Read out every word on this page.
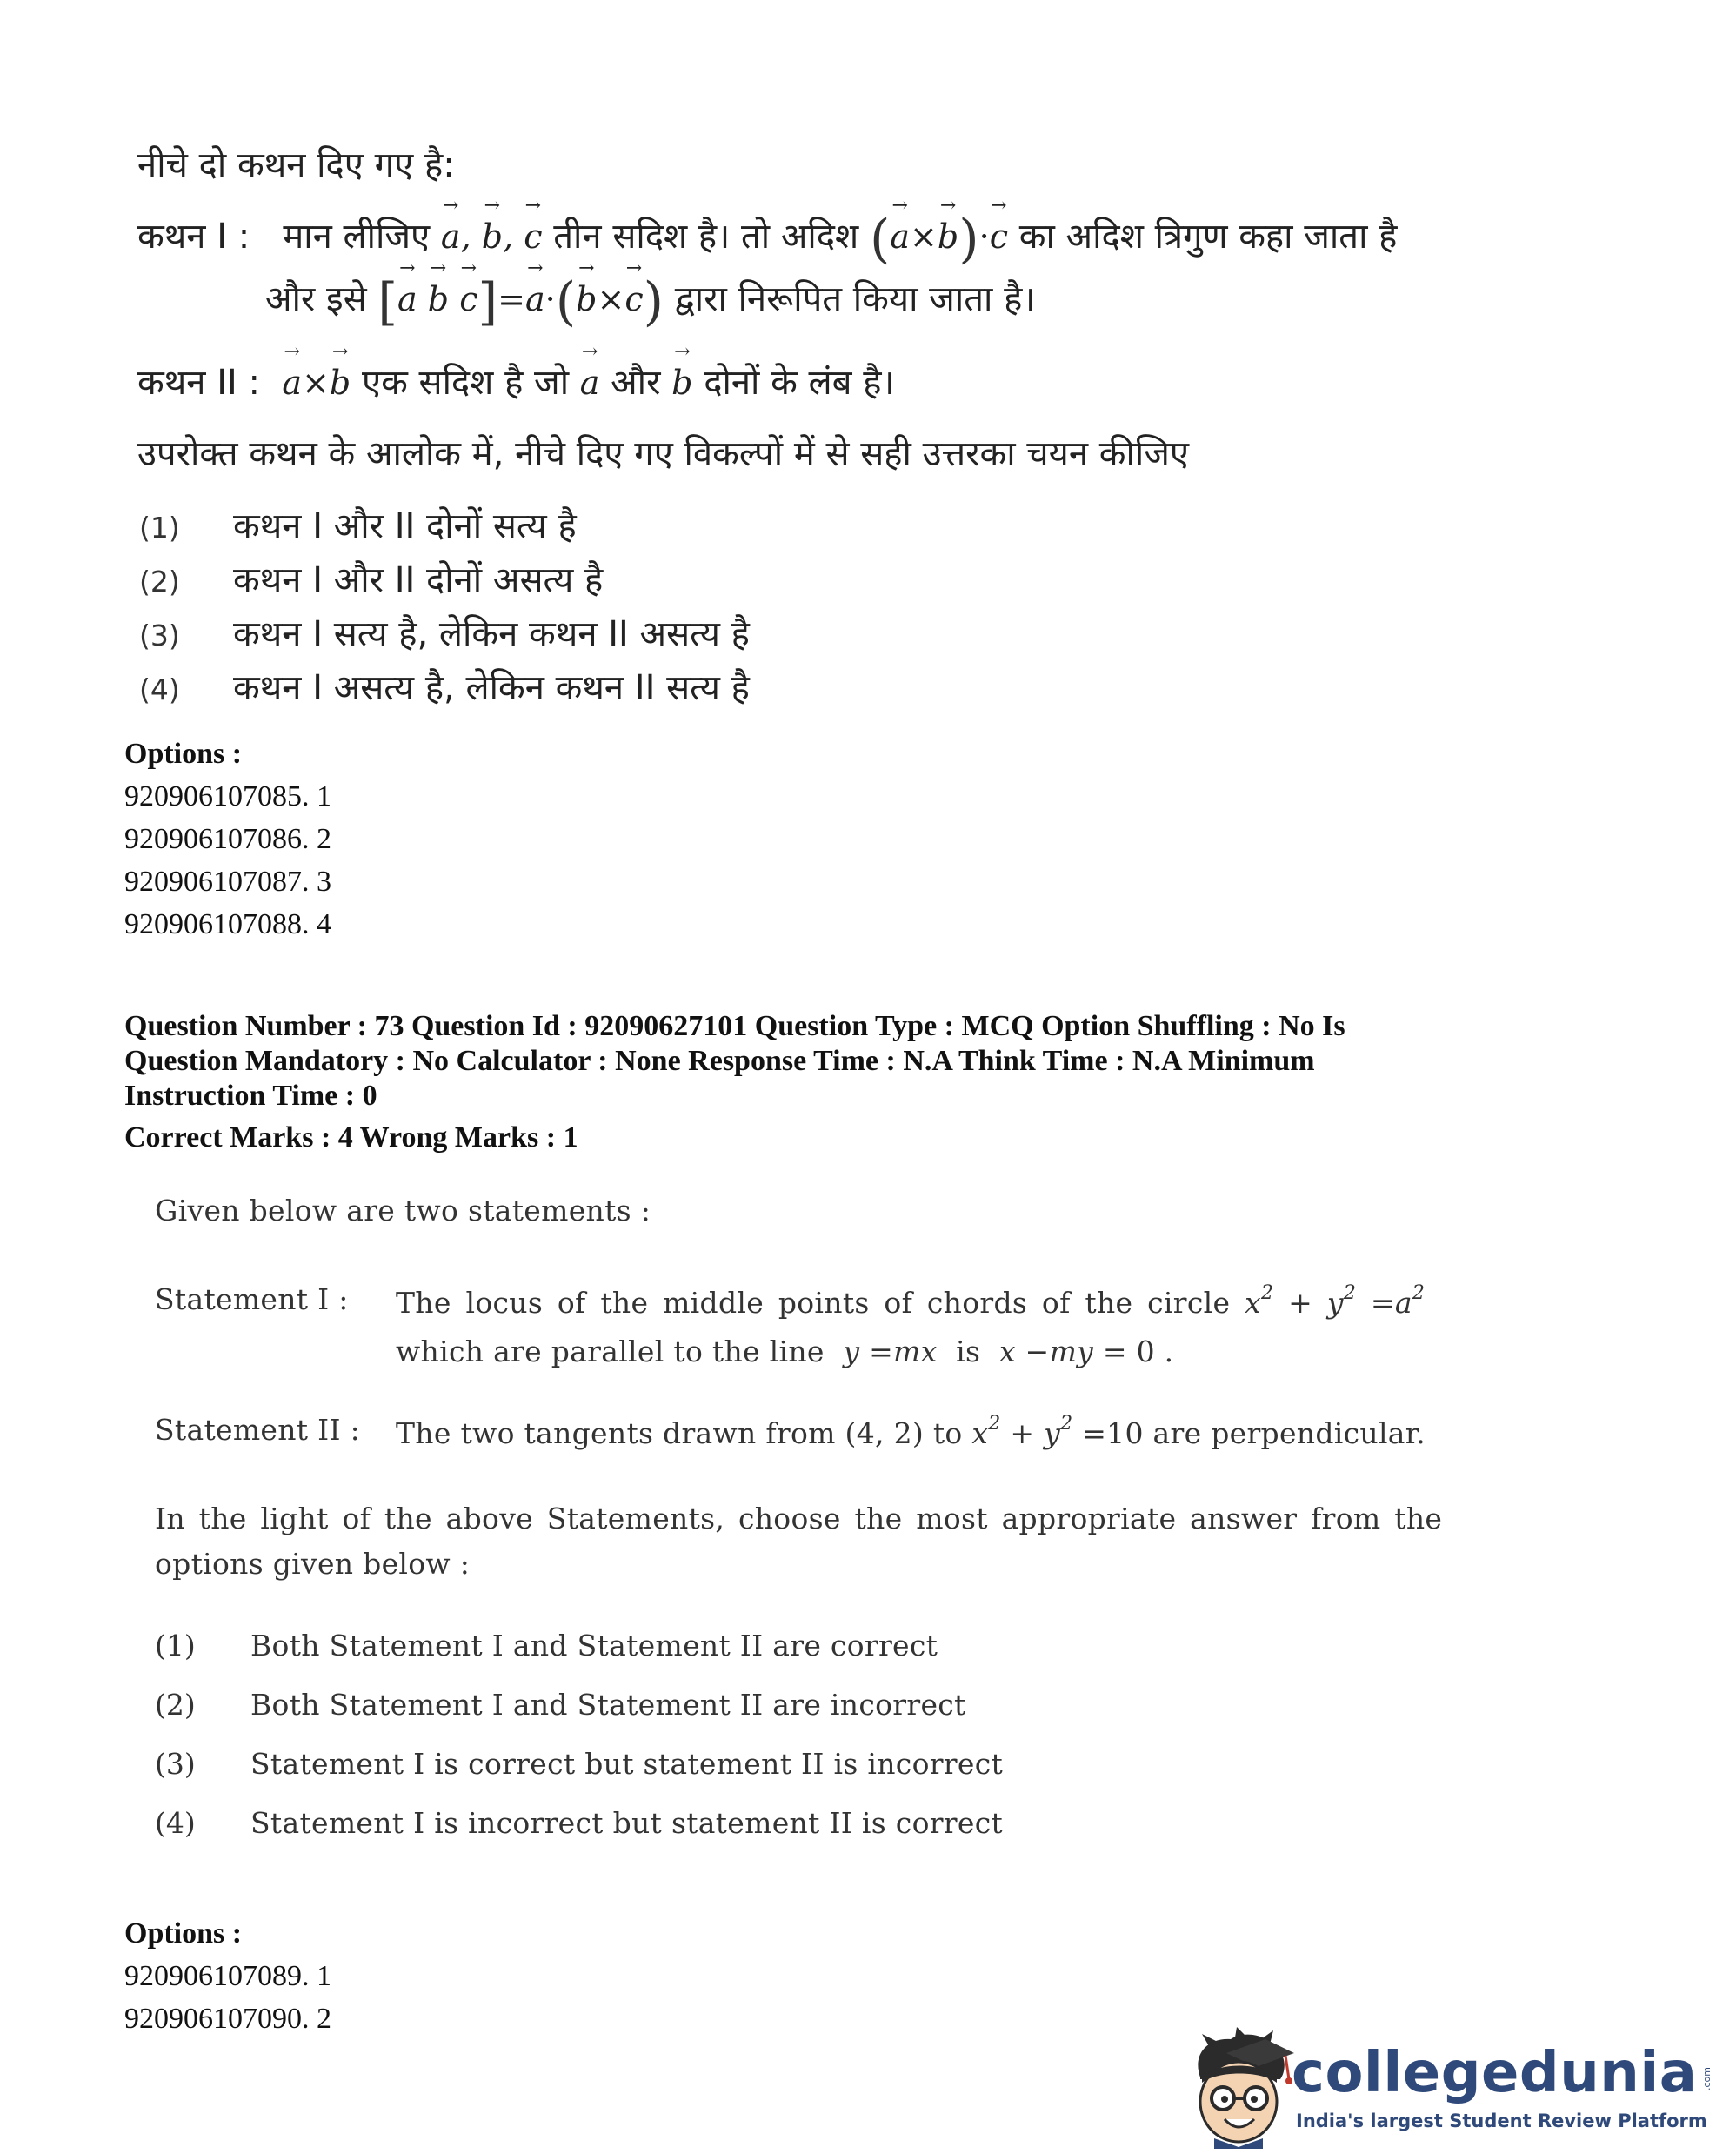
नीचे दो कथन दिए गए है:
कथन I : मान लीजिए → a, → b, → c तीन सदिश है। तो अदिश (→ a×→ b)·→ c का अदिश त्रिगुण कहा जाता है
और इसे [→ a → b → c]=→ a·(→ b×→ c) द्वारा निरूपित किया जाता है।
कथन II : → a×→ b एक सदिश है जो → a और → b दोनों के लंब है।
उपरोक्त कथन के आलोक में, नीचे दिए गए विकल्पों में से सही उत्तरका चयन कीजिए
(1) कथन I और II दोनों सत्य है
(2) कथन I और II दोनों असत्य है
(3) कथन I सत्य है, लेकिन कथन II असत्य है
(4) कथन I असत्य है, लेकिन कथन II सत्य है
Options :
920906107085. 1
920906107086. 2
920906107087. 3
920906107088. 4
Question Number : 73 Question Id : 92090627101 Question Type : MCQ Option Shuffling : No Is
Question Mandatory : No Calculator : None Response Time : N.A Think Time : N.A Minimum
Instruction Time : 0
Correct Marks : 4 Wrong Marks : 1
Given below are two statements :
Statement I : The locus of the middle points of chords of the circle $x^2 + y^2 =a^2$
which are parallel to the line y =mx is x −my = 0 .
Statement II : The two tangents drawn from (4, 2) to $x^2 + y^2 =10$ are perpendicular.
In the light of the above Statements, choose the most appropriate answer from the
options given below :
(1) Both Statement I and Statement II are correct
(2) Both Statement I and Statement II are incorrect
(3) Statement I is correct but statement II is incorrect
(4) Statement I is incorrect but statement II is correct
Options :
920906107089. 1
920906107090. 2
collegedunia .com
India's largest Student Review Platform
